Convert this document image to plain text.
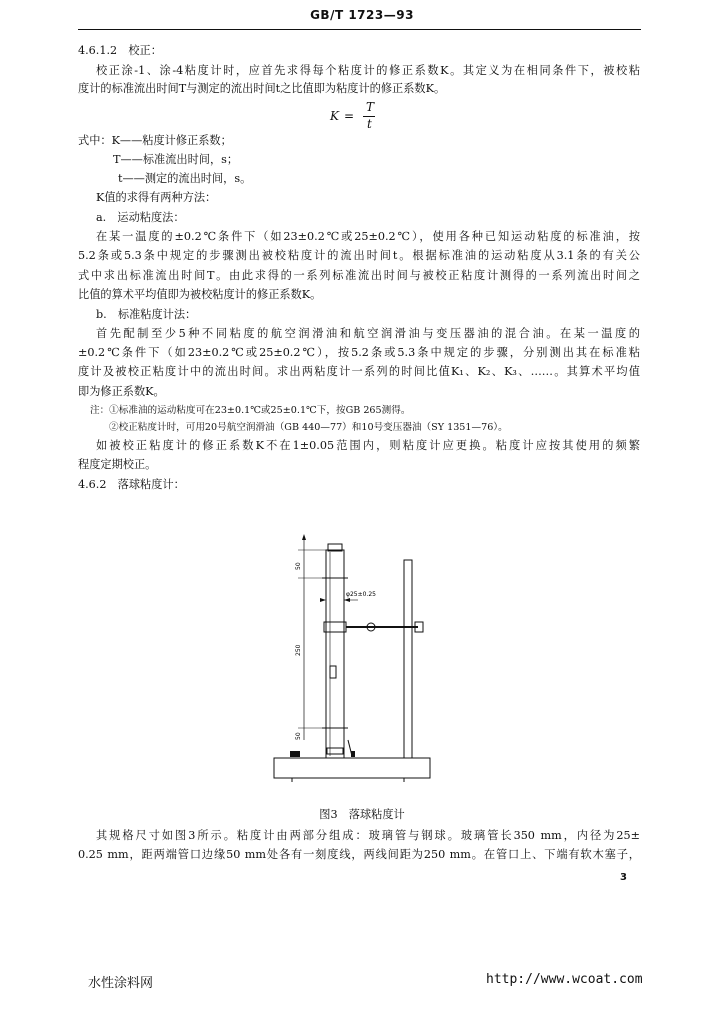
GB/T 1723—93
4.6.1.2　校正：
校正涂-1、涂-4粘度计时，应首先求得每个粘度计的修正系数K。其定义为在相同条件下，被校粘
度计的标准流出时间T与测定的流出时间t之比值即为粘度计的修正系数K。
K =
T
t
式中：K——粘度计修正系数；
T——标准流出时间，s；
t——测定的流出时间，s。
K值的求得有两种方法：
a.　运动粘度法：
在某一温度的±0.2℃条件下（如23±0.2℃或25±0.2℃），使用各种已知运动粘度的标准油，按
5.2条或5.3条中规定的步骤测出被校粘度计的流出时间t。根据标准油的运动粘度从3.1条的有关公
式中求出标准流出时间T。由此求得的一系列标准流出时间与被校正粘度计测得的一系列流出时间之
比值的算术平均值即为被校粘度计的修正系数K。
b.　标准粘度计法：
首先配制至少5种不同粘度的航空润滑油和航空润滑油与变压器油的混合油。在某一温度的
±0.2℃条件下（如23±0.2℃或25±0.2℃），按5.2条或5.3条中规定的步骤，分别测出其在标准粘
度计及被校正粘度计中的流出时间。求出两粘度计一系列的时间比值K₁、K₂、K₃、……。其算术平均值
即为修正系数K。
注：①标准油的运动粘度可在23±0.1℃或25±0.1℃下，按GB 265测得。
②校正粘度计时，可用20号航空润滑油（GB 440—77）和10号变压器油（SY 1351—76）。
如被校正粘度计的修正系数K不在1±0.05范围内，则粘度计应更换。粘度计应按其使用的频繁
程度定期校正。
4.6.2　落球粘度计：
50
250
50
φ25±0.25
图3　落球粘度计
其规格尺寸如图3所示。粘度计由两部分组成：玻璃管与钢球。玻璃管长350 mm，内径为25±
0.25 mm，距两端管口边缘50 mm处各有一刻度线，两线间距为250 mm。在管口上、下端有软木塞子，
3
水性涂料网	http://www.wcoat.com
